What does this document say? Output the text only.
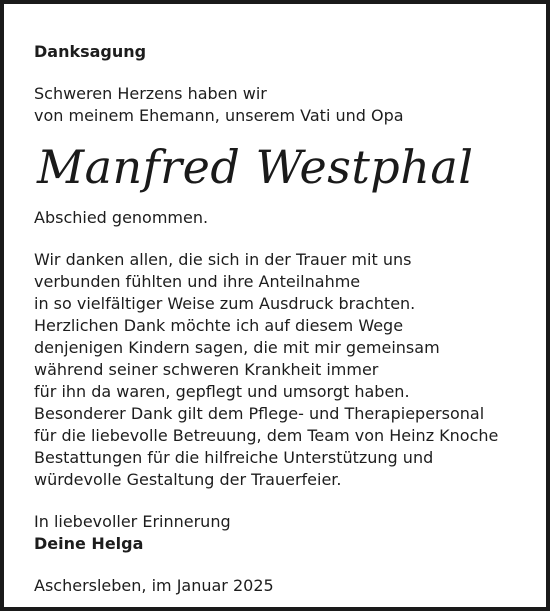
Danksagung

Schweren Herzens haben wir

von meinem Ehemann, unserem Vati und Opa

Manfred Westphal

Abschied genommen.

Wir danken allen, die sich in der Trauer mit uns

verbunden fühlten und ihre Anteilnahme

in so vielfältiger Weise zum Ausdruck brachten.

Herzlichen Dank möchte ich auf diesem Wege

denjenigen Kindern sagen, die mit mir gemeinsam

während seiner schweren Krankheit immer

für ihn da waren, gepflegt und umsorgt haben.

Besonderer Dank gilt dem Pflege- und Therapiepersonal

für die liebevolle Betreuung, dem Team von Heinz Knoche

Bestattungen für die hilfreiche Unterstützung und

würdevolle Gestaltung der Trauerfeier.

In liebevoller Erinnerung

Deine Helga

Aschersleben, im Januar 2025
